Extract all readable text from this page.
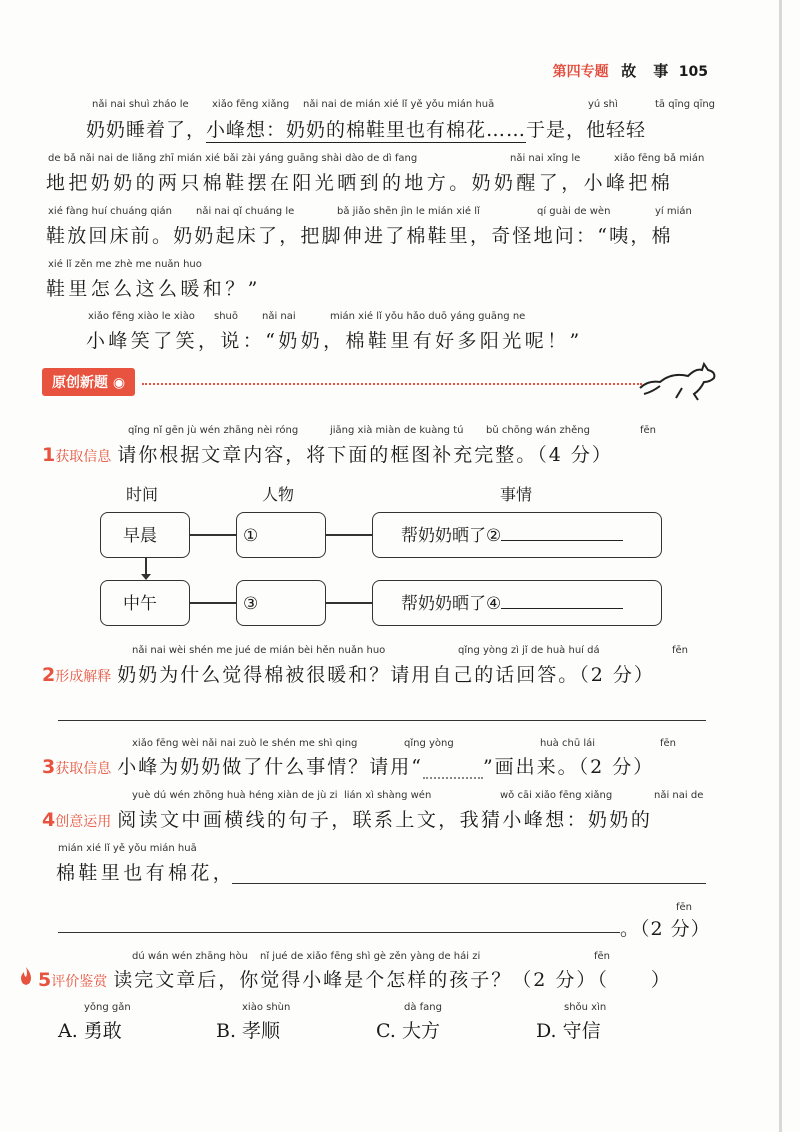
第四专题 故 事 105
nǎi nai shuì zháo le xiǎo fēng xiǎng nǎi nai de mián xié lǐ yě yǒu mián huā	yú shì	tā qīng qīng
奶奶睡着了，小峰想：奶奶的棉鞋里也有棉花……于是，他轻轻
de bǎ nǎi nai de liǎng zhī mián xié bǎi zài yáng guāng shài dào de dì fang	nǎi nai xǐng le	xiǎo fēng bǎ mián
地把奶奶的两只棉鞋摆在阳光晒到的地方。奶奶醒了，小峰把棉
xié fàng huí chuáng qián nǎi nai qǐ chuáng le	bǎ jiǎo shēn jìn le mián xié lǐ	qí guài de wèn	yí mián
鞋放回床前。奶奶起床了，把脚伸进了棉鞋里，奇怪地问：“咦，棉
xié lǐ zěn me zhè me nuǎn huo
鞋里怎么这么暖和？”
xiǎo fēng xiào le xiào shuō nǎi nai	mián xié lǐ yǒu hǎo duō yáng guāng ne
小峰笑了笑，说：“奶奶，棉鞋里有好多阳光呢！”
原创新题 ◉
qǐng nǐ gēn jù wén zhāng nèi róng	jiāng xià miàn de kuàng tú bǔ chōng wán zhěng	fēn
1获取信息 请你根据文章内容，将下面的框图补充完整。（4 分）
时间	人物	事情
早晨	①	帮奶奶晒了②
中午	③	帮奶奶晒了④
nǎi nai wèi shén me jué de mián bèi hěn nuǎn huo	qǐng yòng zì jǐ de huà huí dá	fēn
2形成解释 奶奶为什么觉得棉被很暖和？请用自己的话回答。（2 分）
xiǎo fēng wèi nǎi nai zuò le shén me shì qing	qǐng yòng	huà chū lái	fēn
3获取信息 小峰为奶奶做了什么事情？请用“	”画出来。（2 分）
yuè dú wén zhōng huà héng xiàn de jù zi lián xì shàng wén	wǒ cāi xiǎo fēng xiǎng	nǎi nai de
4创意运用 阅读文中画横线的句子，联系上文，我猜小峰想：奶奶的
mián xié lǐ yě yǒu mián huā
棉鞋里也有棉花，
fēn
。（2 分）
dú wán wén zhāng hòu nǐ jué de xiǎo fēng shì gè zěn yàng de hái zi	fēn
5评价鉴赏 读完文章后，你觉得小峰是个怎样的孩子？（2 分）（　　）
yǒng gǎn
A. 勇敢
xiào shùn
B. 孝顺
dà fang
C. 大方
shǒu xìn
D. 守信
